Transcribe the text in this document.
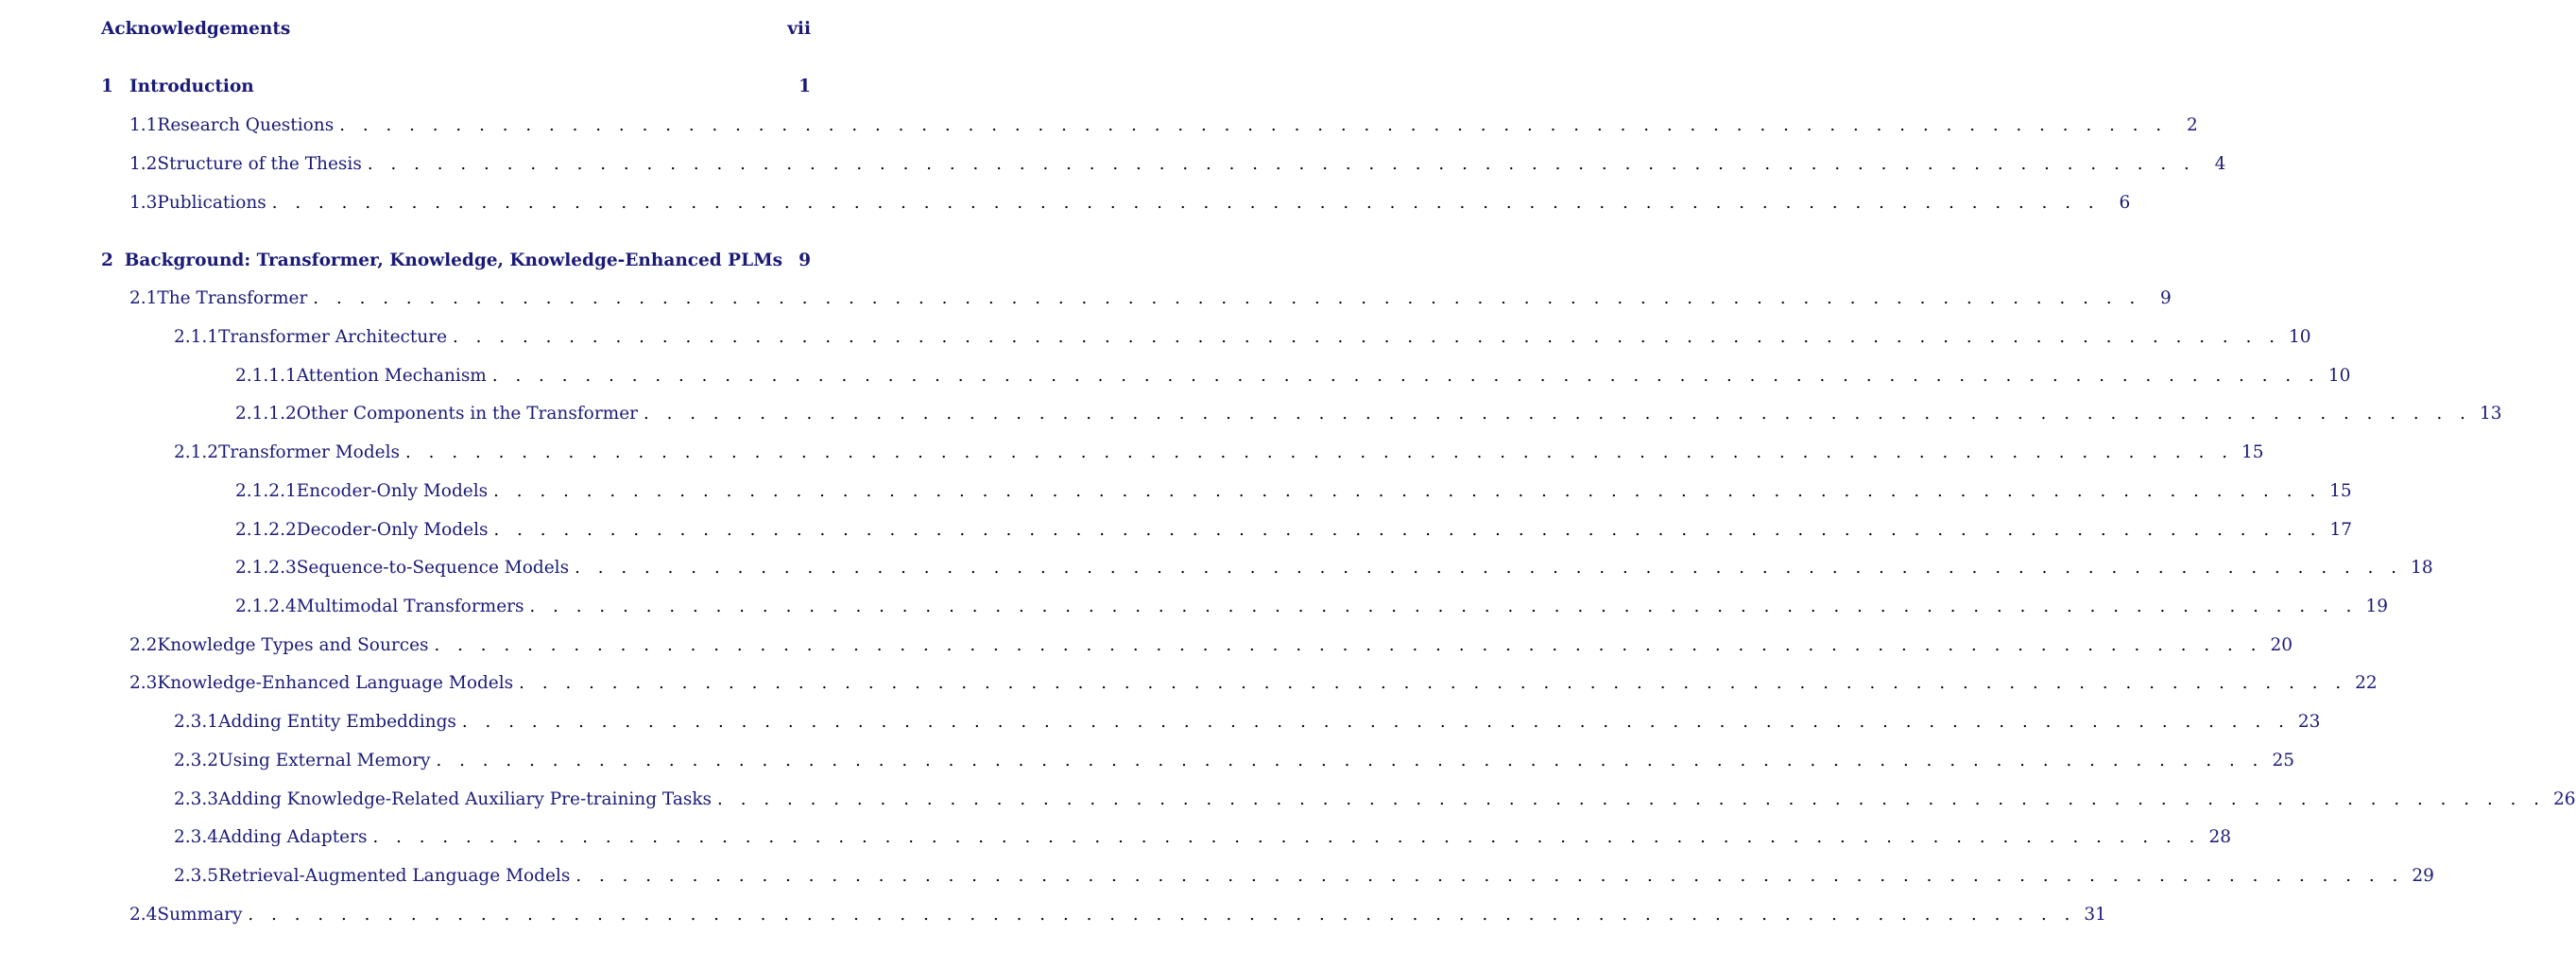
Acknowledgements	vii
1 Introduction	1
1.1 Research Questions . . . . . . . . . . . . . . . . . . . . . . . . . . . . . . . . . . . . . . . . . . . . . . . . . . . . . . . . . . . . . . . . . . . . . . . . . . . . . . .	2
1.2 Structure of the Thesis . . . . . . . . . . . . . . . . . . . . . . . . . . . . . . . . . . . . . . . . . . . . . . . . . . . . . . . . . . . . . . . . . . . . . . . . . . . . . . .	4
1.3 Publications . . . . . . . . . . . . . . . . . . . . . . . . . . . . . . . . . . . . . . . . . . . . . . . . . . . . . . . . . . . . . . . . . . . . . . . . . . . . . . .	6
2 Background: Transformer, Knowledge, Knowledge-Enhanced PLMs 9
2.1 The Transformer . . . . . . . . . . . . . . . . . . . . . . . . . . . . . . . . . . . . . . . . . . . . . . . . . . . . . . . . . . . . . . . . . . . . . . . . . . . . . . .	9
2.1.1 Transformer Architecture . . . . . . . . . . . . . . . . . . . . . . . . . . . . . . . . . . . . . . . . . . . . . . . . . . . . . . . . . . . . . . . . . . . . . . . . . . . . . . . 10
2.1.1.1 Attention Mechanism . . . . . . . . . . . . . . . . . . . . . . . . . . . . . . . . . . . . . . . . . . . . . . . . . . . . . . . . . . . . . . . . . . . . . . . . . . . . . . . 10
2.1.1.2 Other Components in the Transformer . . . . . . . . . . . . . . . . . . . . . . . . . . . . . . . . . . . . . . . . . . . . . . . . . . . . . . . . . . . . . . . . . . . . . . . . . . . . . . . 13
2.1.2 Transformer Models . . . . . . . . . . . . . . . . . . . . . . . . . . . . . . . . . . . . . . . . . . . . . . . . . . . . . . . . . . . . . . . . . . . . . . . . . . . . . . . 15
2.1.2.1 Encoder-Only Models . . . . . . . . . . . . . . . . . . . . . . . . . . . . . . . . . . . . . . . . . . . . . . . . . . . . . . . . . . . . . . . . . . . . . . . . . . . . . . . 15
2.1.2.2 Decoder-Only Models . . . . . . . . . . . . . . . . . . . . . . . . . . . . . . . . . . . . . . . . . . . . . . . . . . . . . . . . . . . . . . . . . . . . . . . . . . . . . . . 17
2.1.2.3 Sequence-to-Sequence Models . . . . . . . . . . . . . . . . . . . . . . . . . . . . . . . . . . . . . . . . . . . . . . . . . . . . . . . . . . . . . . . . . . . . . . . . . . . . . . . 18
2.1.2.4 Multimodal Transformers . . . . . . . . . . . . . . . . . . . . . . . . . . . . . . . . . . . . . . . . . . . . . . . . . . . . . . . . . . . . . . . . . . . . . . . . . . . . . . . 19
2.2 Knowledge Types and Sources . . . . . . . . . . . . . . . . . . . . . . . . . . . . . . . . . . . . . . . . . . . . . . . . . . . . . . . . . . . . . . . . . . . . . . . . . . . . . . . 20
2.3 Knowledge-Enhanced Language Models . . . . . . . . . . . . . . . . . . . . . . . . . . . . . . . . . . . . . . . . . . . . . . . . . . . . . . . . . . . . . . . . . . . . . . . . . . . . . . . 22
2.3.1 Adding Entity Embeddings . . . . . . . . . . . . . . . . . . . . . . . . . . . . . . . . . . . . . . . . . . . . . . . . . . . . . . . . . . . . . . . . . . . . . . . . . . . . . . . 23
2.3.2 Using External Memory . . . . . . . . . . . . . . . . . . . . . . . . . . . . . . . . . . . . . . . . . . . . . . . . . . . . . . . . . . . . . . . . . . . . . . . . . . . . . . . 25
2.3.3 Adding Knowledge-Related Auxiliary Pre-training Tasks . . . . . . . . . . . . . . . . . . . . . . . . . . . . . . . . . . . . . . . . . . . . . . . . . . . . . . . . . . . . . . . . . . . . . . . . . . . . . . . 26
2.3.4 Adding Adapters . . . . . . . . . . . . . . . . . . . . . . . . . . . . . . . . . . . . . . . . . . . . . . . . . . . . . . . . . . . . . . . . . . . . . . . . . . . . . . . 28
2.3.5 Retrieval-Augmented Language Models . . . . . . . . . . . . . . . . . . . . . . . . . . . . . . . . . . . . . . . . . . . . . . . . . . . . . . . . . . . . . . . . . . . . . . . . . . . . . . . 29
2.4 Summary . . . . . . . . . . . . . . . . . . . . . . . . . . . . . . . . . . . . . . . . . . . . . . . . . . . . . . . . . . . . . . . . . . . . . . . . . . . . . . . 31
